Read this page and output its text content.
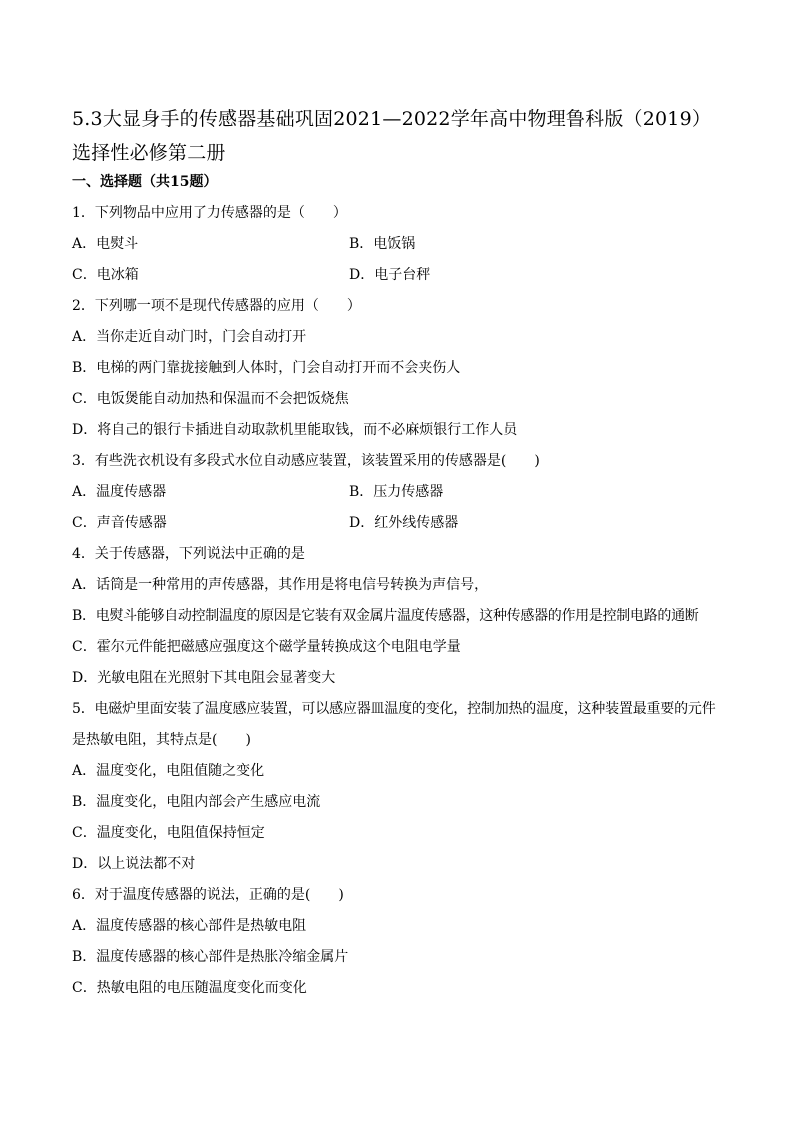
5.3大显身手的传感器基础巩固2021—2022学年高中物理鲁科版（2019）
选择性必修第二册
一、选择题（共15题）
1．下列物品中应用了力传感器的是（　　）
A．电熨斗	B．电饭锅
C．电冰箱	D．电子台秤
2．下列哪一项不是现代传感器的应用（　　）
A．当你走近自动门时，门会自动打开
B．电梯的两门靠拢接触到人体时，门会自动打开而不会夹伤人
C．电饭煲能自动加热和保温而不会把饭烧焦
D．将自己的银行卡插进自动取款机里能取钱，而不必麻烦银行工作人员
3．有些洗衣机设有多段式水位自动感应装置，该装置采用的传感器是(　　)
A．温度传感器	B．压力传感器
C．声音传感器	D．红外线传感器
4．关于传感器，下列说法中正确的是
A．话筒是一种常用的声传感器，其作用是将电信号转换为声信号，
B．电熨斗能够自动控制温度的原因是它装有双金属片温度传感器，这种传感器的作用是控制电路的通断
C．霍尔元件能把磁感应强度这个磁学量转换成这个电阻电学量
D．光敏电阻在光照射下其电阻会显著变大
5．电磁炉里面安装了温度感应装置，可以感应器皿温度的变化，控制加热的温度，这种装置最重要的元件
是热敏电阻，其特点是(　　)
A．温度变化，电阻值随之变化
B．温度变化，电阻内部会产生感应电流
C．温度变化，电阻值保持恒定
D．以上说法都不对
6．对于温度传感器的说法，正确的是(　　)
A．温度传感器的核心部件是热敏电阻
B．温度传感器的核心部件是热胀冷缩金属片
C．热敏电阻的电压随温度变化而变化
